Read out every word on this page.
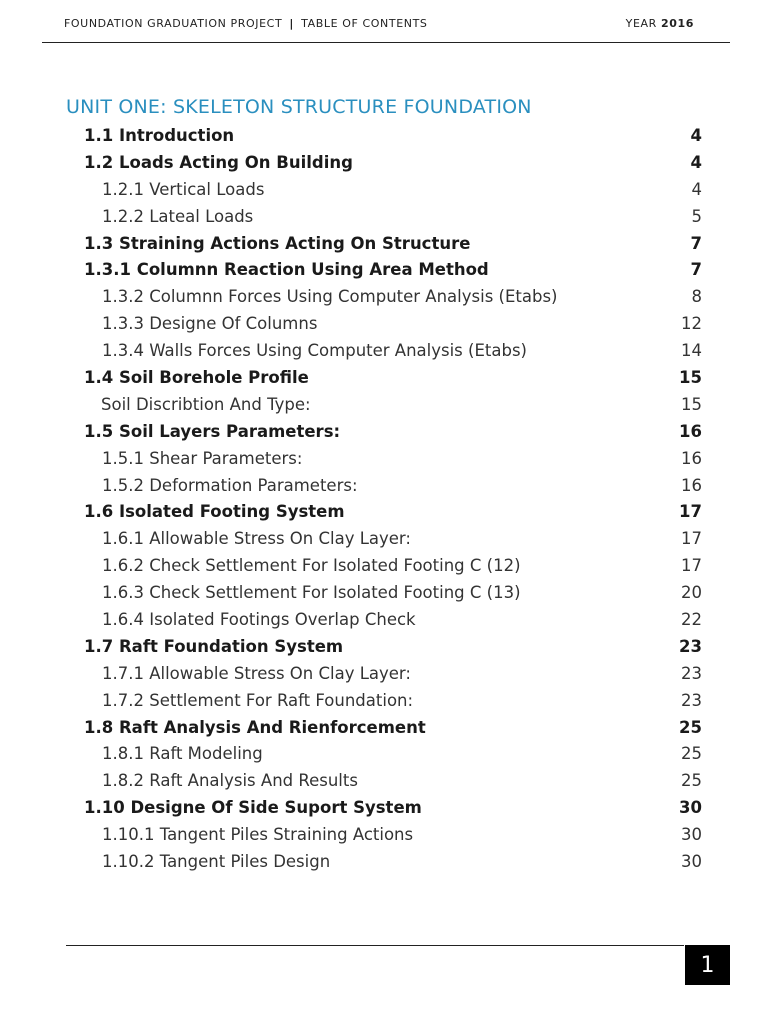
FOUNDATION GRADUATION PROJECT | TABLE OF CONTENTS	YEAR 2016
UNIT ONE: SKELETON STRUCTURE FOUNDATION
1.1 Introduction	4
1.2 Loads Acting On Building	4
1.2.1 Vertical Loads	4
1.2.2 Lateal Loads	5
1.3 Straining Actions Acting On Structure	7
1.3.1 Columnn Reaction Using Area Method	7
1.3.2 Columnn Forces Using Computer Analysis (Etabs)	8
1.3.3 Designe Of Columns	12
1.3.4 Walls Forces Using Computer Analysis (Etabs)	14
1.4 Soil Borehole Profile	15
Soil Discribtion And Type:	15
1.5 Soil Layers Parameters:	16
1.5.1 Shear Parameters:	16
1.5.2 Deformation Parameters:	16
1.6 Isolated Footing System	17
1.6.1 Allowable Stress On Clay Layer:	17
1.6.2 Check Settlement For Isolated Footing C (12)	17
1.6.3 Check Settlement For Isolated Footing C (13)	20
1.6.4 Isolated Footings Overlap Check	22
1.7 Raft Foundation System	23
1.7.1 Allowable Stress On Clay Layer:	23
1.7.2 Settlement For Raft Foundation:	23
1.8 Raft Analysis And Rienforcement	25
1.8.1 Raft Modeling	25
1.8.2 Raft Analysis And Results	25
1.10 Designe Of Side Suport System	30
1.10.1 Tangent Piles Straining Actions	30
1.10.2 Tangent Piles Design	30
1
